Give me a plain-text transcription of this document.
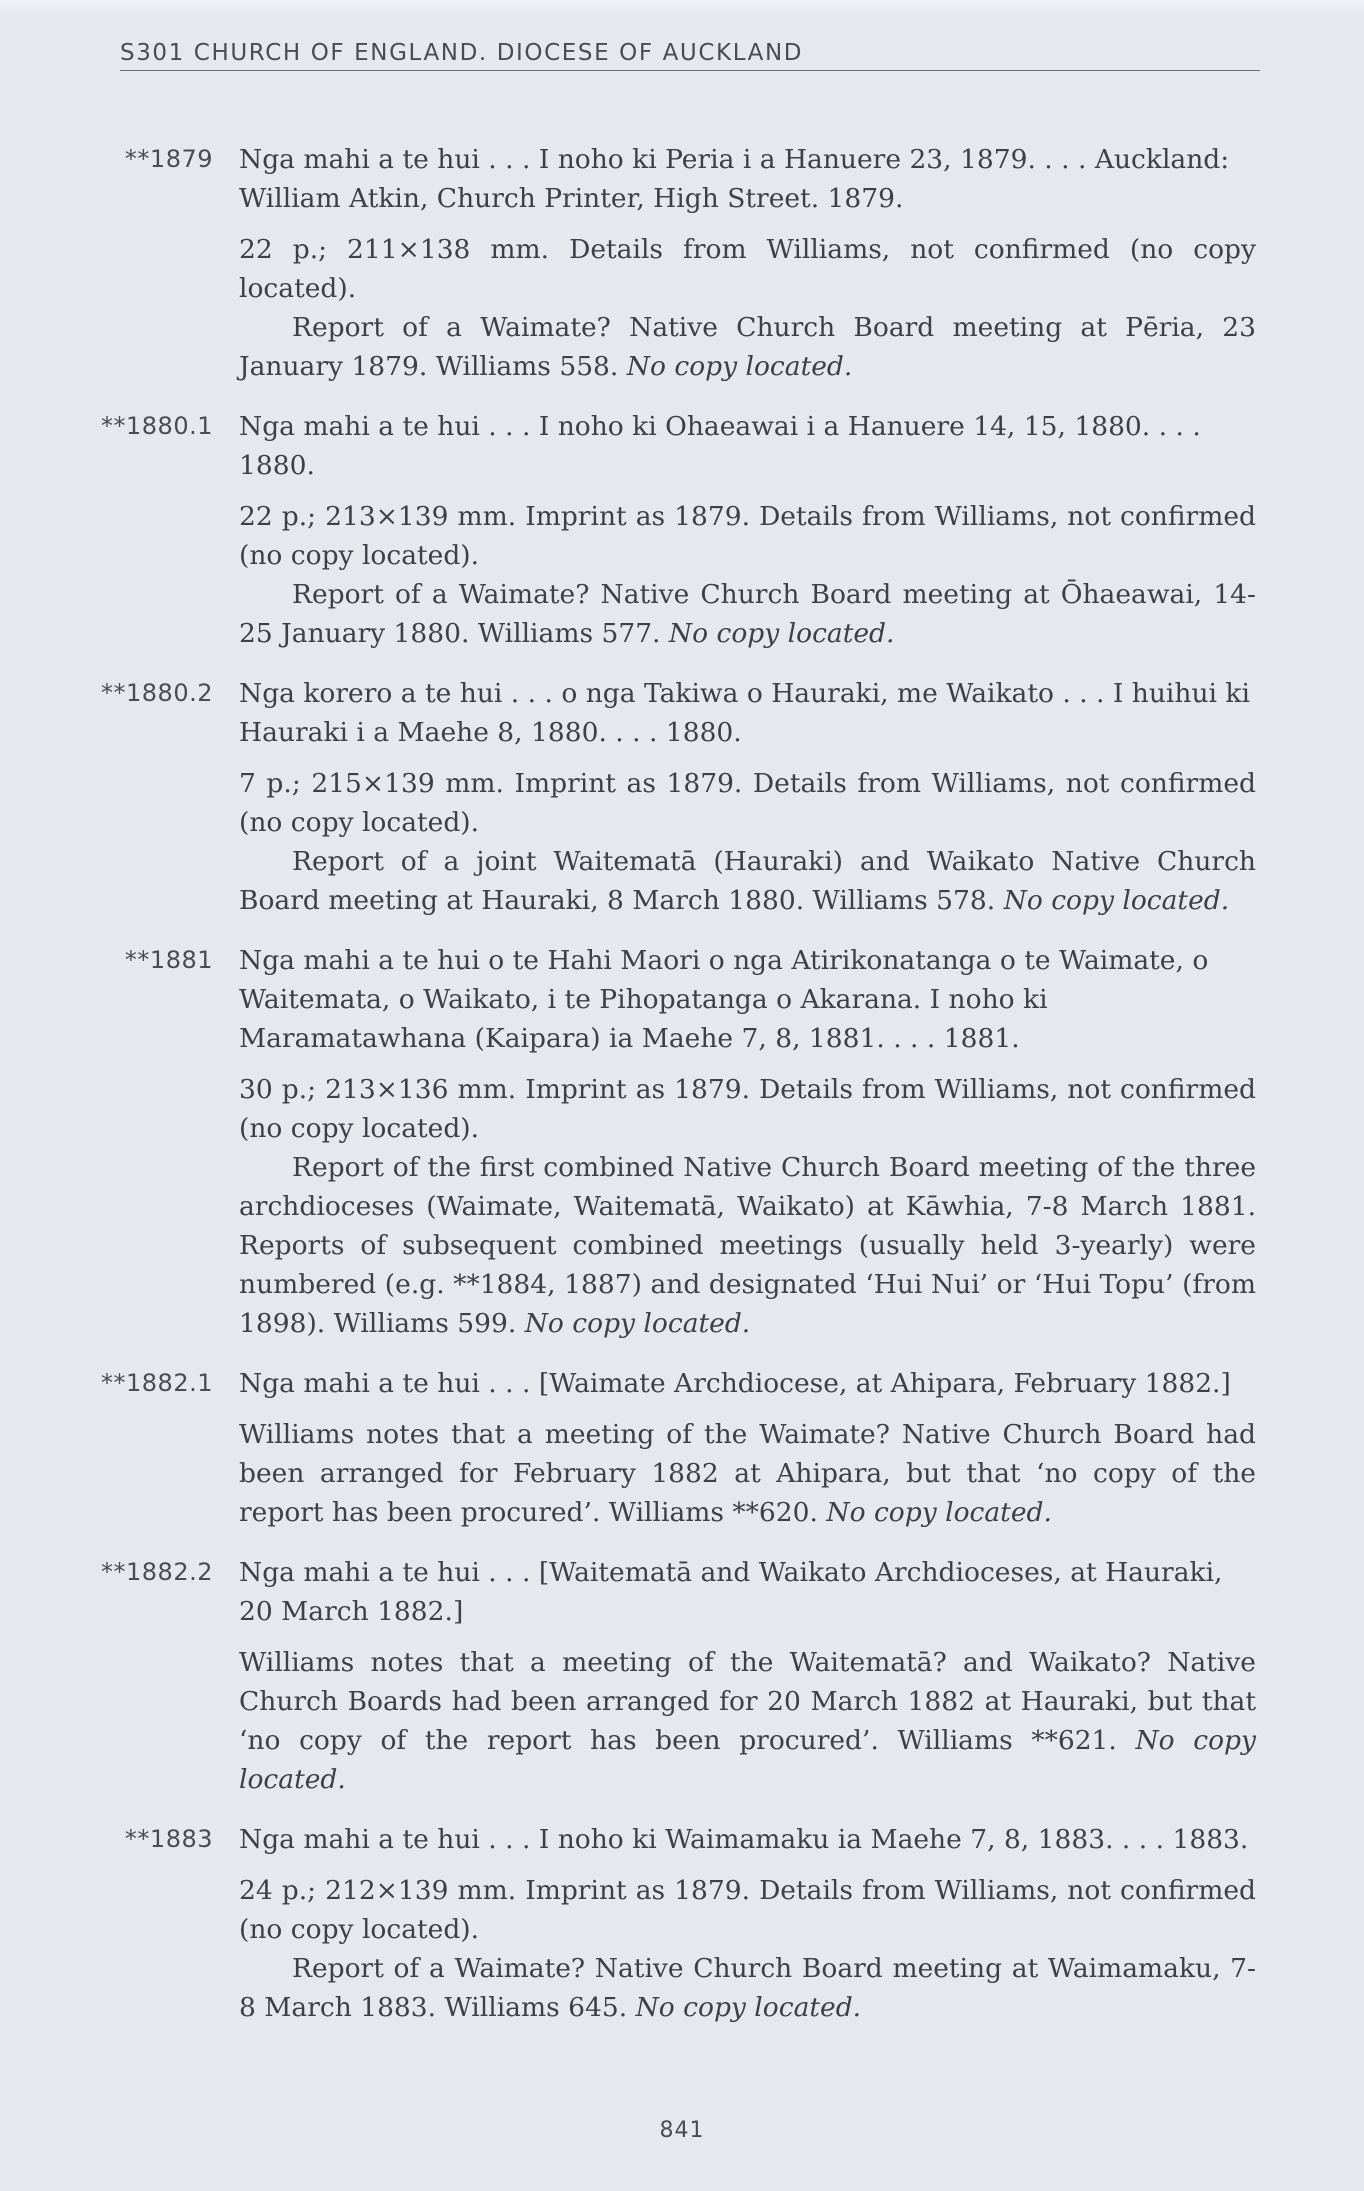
S301 CHURCH OF ENGLAND. DIOCESE OF AUCKLAND
**1879 Nga mahi a te hui . . . I noho ki Peria i a Hanuere 23, 1879. . . . Auckland: William Atkin, Church Printer, High Street. 1879.

22 p.; 211×138 mm. Details from Williams, not confirmed (no copy located).

Report of a Waimate? Native Church Board meeting at Pēria, 23 January 1879. Williams 558. No copy located.

**1880.1 Nga mahi a te hui . . . I noho ki Ohaeawai i a Hanuere 14, 15, 1880. . . . 1880.

22 p.; 213×139 mm. Imprint as 1879. Details from Williams, not confirmed (no copy located).

Report of a Waimate? Native Church Board meeting at Ōhaeawai, 14-25 January 1880. Williams 577. No copy located.

**1880.2 Nga korero a te hui . . . o nga Takiwa o Hauraki, me Waikato . . . I huihui ki Hauraki i a Maehe 8, 1880. . . . 1880.

7 p.; 215×139 mm. Imprint as 1879. Details from Williams, not confirmed (no copy located).

Report of a joint Waitematā (Hauraki) and Waikato Native Church Board meeting at Hauraki, 8 March 1880. Williams 578. No copy located.

**1881 Nga mahi a te hui o te Hahi Maori o nga Atirikonatanga o te Waimate, o Waitemata, o Waikato, i te Pihopatanga o Akarana. I noho ki Maramatawhana (Kaipara) ia Maehe 7, 8, 1881. . . . 1881.

30 p.; 213×136 mm. Imprint as 1879. Details from Williams, not confirmed (no copy located).

Report of the first combined Native Church Board meeting of the three archdioceses (Waimate, Waitematā, Waikato) at Kāwhia, 7-8 March 1881. Reports of subsequent combined meetings (usually held 3-yearly) were numbered (e.g. **1884, 1887) and designated ‘Hui Nui’ or ‘Hui Topu’ (from 1898). Williams 599. No copy located.

**1882.1 Nga mahi a te hui . . . [Waimate Archdiocese, at Ahipara, February 1882.]

Williams notes that a meeting of the Waimate? Native Church Board had been arranged for February 1882 at Ahipara, but that ‘no copy of the report has been procured’. Williams **620. No copy located.

**1882.2 Nga mahi a te hui . . . [Waitematā and Waikato Archdioceses, at Hauraki, 20 March 1882.]

Williams notes that a meeting of the Waitematā? and Waikato? Native Church Boards had been arranged for 20 March 1882 at Hauraki, but that ‘no copy of the report has been procured’. Williams **621. No copy located.

**1883 Nga mahi a te hui . . . I noho ki Waimamaku ia Maehe 7, 8, 1883. . . . 1883.

24 p.; 212×139 mm. Imprint as 1879. Details from Williams, not confirmed (no copy located).

Report of a Waimate? Native Church Board meeting at Waimamaku, 7-8 March 1883. Williams 645. No copy located.

841
